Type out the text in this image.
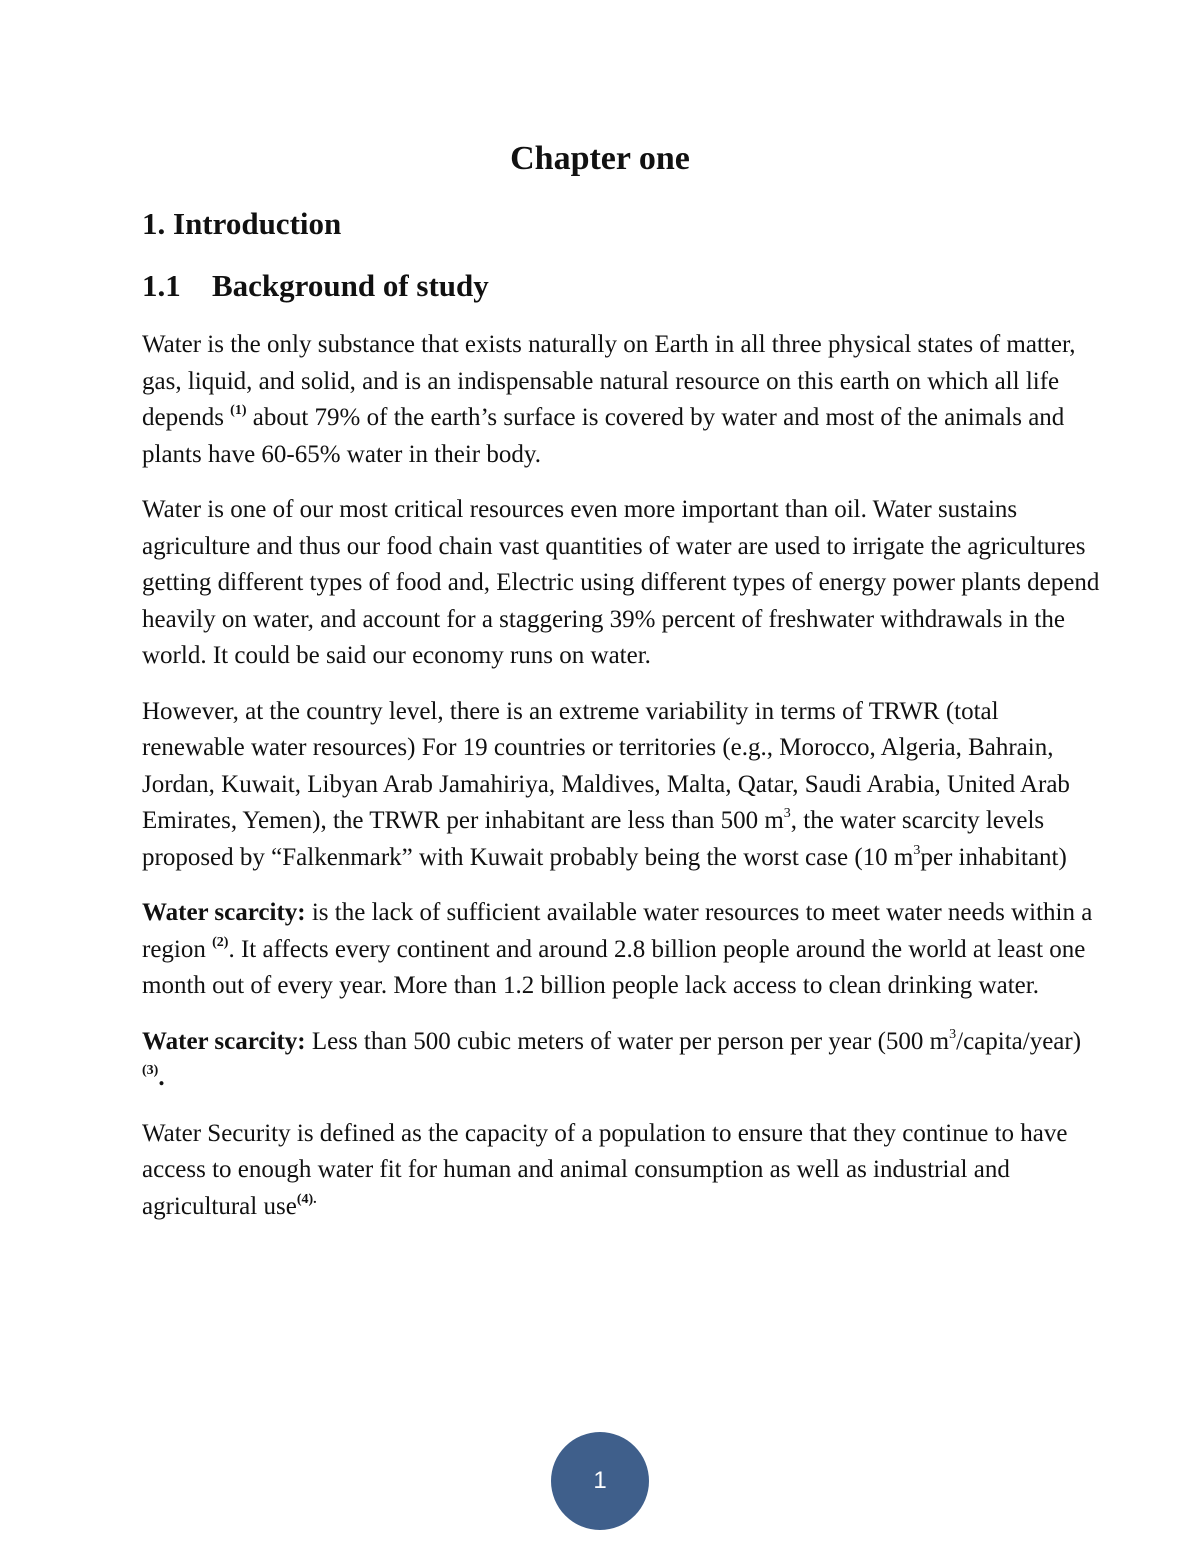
Chapter one
1. Introduction
1.1 Background of study

Water is the only substance that exists naturally on Earth in all three physical states of matter, gas, liquid, and solid, and is an indispensable natural resource on this earth on which all life depends $^{(1)}$ about 79% of the earth’s surface is covered by water and most of the animals and plants have 60-65% water in their body.

Water is one of our most critical resources even more important than oil. Water sustains agriculture and thus our food chain vast quantities of water are used to irrigate the agricultures getting different types of food and, Electric using different types of energy power plants depend heavily on water, and account for a staggering 39% percent of freshwater withdrawals in the world. It could be said our economy runs on water.

However, at the country level, there is an extreme variability in terms of TRWR (total renewable water resources) For 19 countries or territories (e.g., Morocco, Algeria, Bahrain, Jordan, Kuwait, Libyan Arab Jamahiriya, Maldives, Malta, Qatar, Saudi Arabia, United Arab Emirates, Yemen), the TRWR per inhabitant are less than 500 $m^3$, the water scarcity levels proposed by “Falkenmark” with Kuwait probably being the worst case (10 $m^3per$ inhabitant)

Water scarcity: is the lack of sufficient available water resources to meet water needs within a region $^{(2)}$. It affects every continent and around 2.8 billion people around the world at least one month out of every year. More than 1.2 billion people lack access to clean drinking water.

Water scarcity: Less than 500 cubic meters of water per person per year (500 $m^3/capita/year$) $^{(3)}$.

Water Security is defined as the capacity of a population to ensure that they continue to have access to enough water fit for human and animal consumption as well as industrial and agricultural use$^{(4).}$

1
